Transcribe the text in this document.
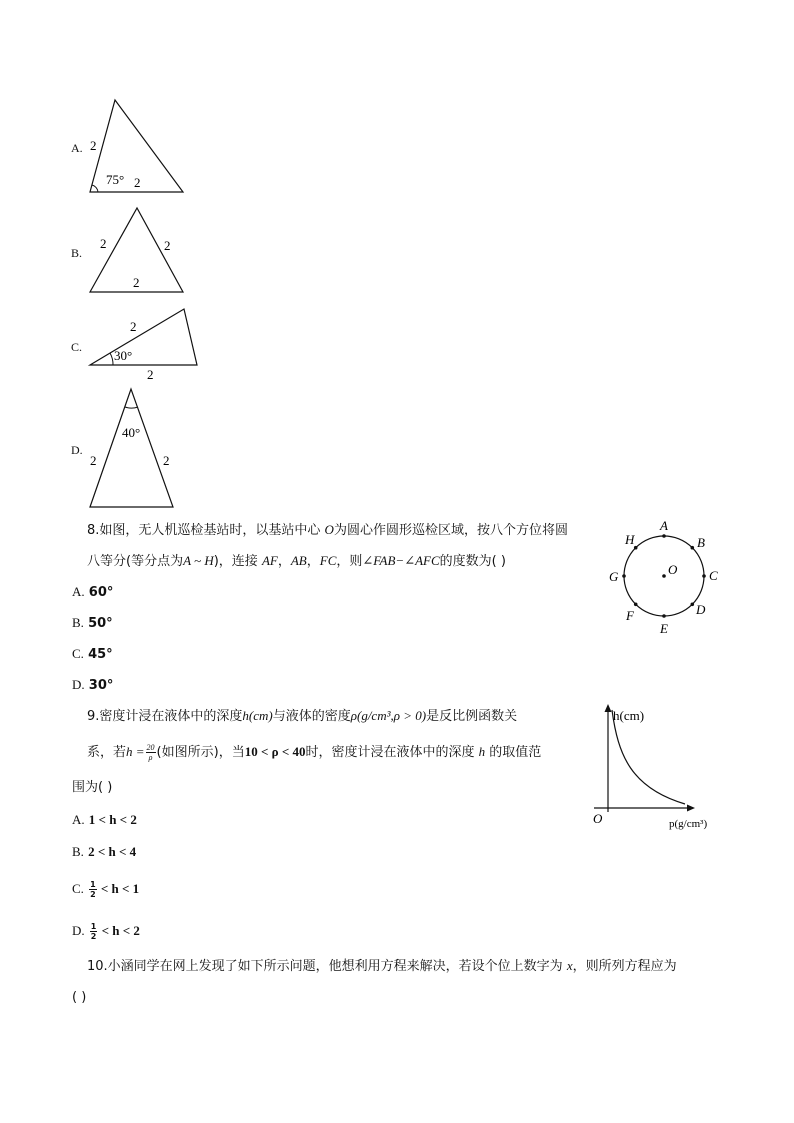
A. 2
75° 2
B.
2	2
2
C.
2
30°
2
D.
40°
2	2
8.如图，无人机巡检基站时，以基站中心 O为圆心作圆形巡检区域，按八个方位将圆
八等分(等分点为A ~ H)，连接 AF，AB，FC，则∠FAB−∠AFC的度数为( )
A. 60°
B. 50°
C. 45°
D. 30°
A
B
C
D
E
F
G
H
O
9.密度计浸在液体中的深度h(cm)与液体的密度ρ(g/cm³,ρ > 0)是反比例函数关
系，若$h = \frac{20}{\rho}$ (如图所示)，当10 < ρ < 40时，密度计浸在液体中的深度 h 的取值范
围为( )
A. 1 < h < 2
B. 2 < h < 4
C. $\frac{1}{2} < h < 1$
D. $\frac{1}{2} < h < 2$
h(cm)
O	p(g/cm³)
10.小涵同学在网上发现了如下所示问题，他想利用方程来解决，若设个位上数字为 x，则所列方程应为
( )
